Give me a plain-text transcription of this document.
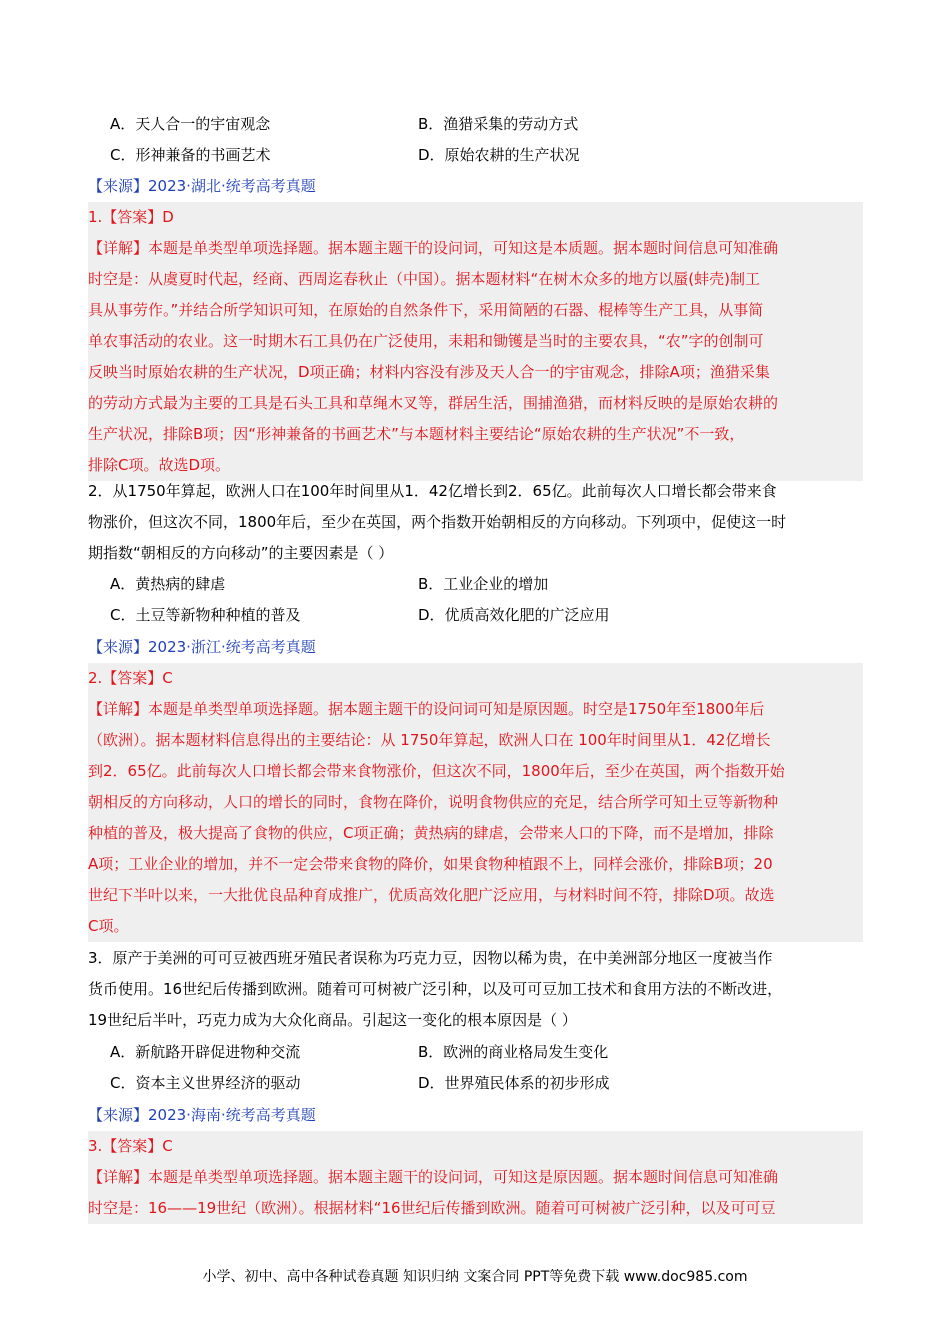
A．天人合一的宇宙观念	B．渔猎采集的劳动方式
C．形神兼备的书画艺术	D．原始农耕的生产状况
【来源】2023·湖北·统考高考真题
1.【答案】D
【详解】本题是单类型单项选择题。据本题主题干的设问词，可知这是本质题。据本题时间信息可知准确
时空是：从虞夏时代起，经商、西周迄春秋止（中国）。据本题材料“在树木众多的地方以蜃(蚌壳)制工
具从事劳作。”并结合所学知识可知，在原始的自然条件下，采用简陋的石器、棍棒等生产工具，从事简
单农事活动的农业。这一时期木石工具仍在广泛使用，耒耜和锄镬是当时的主要农具，“农”字的创制可
反映当时原始农耕的生产状况，D项正确；材料内容没有涉及天人合一的宇宙观念，排除A项；渔猎采集
的劳动方式最为主要的工具是石头工具和草绳木叉等，群居生活，围捕渔猎，而材料反映的是原始农耕的
生产状况，排除B项；因“形神兼备的书画艺术”与本题材料主要结论“原始农耕的生产状况”不一致，
排除C项。故选D项。
2．从1750年算起，欧洲人口在100年时间里从1．42亿增长到2．65亿。此前每次人口增长都会带来食
物涨价，但这次不同，1800年后，至少在英国，两个指数开始朝相反的方向移动。下列项中，促使这一时
期指数“朝相反的方向移动”的主要因素是（ ）
A．黄热病的肆虐	B．工业企业的增加
C．土豆等新物种种植的普及	D．优质高效化肥的广泛应用
【来源】2023·浙江·统考高考真题
2.【答案】C
【详解】本题是单类型单项选择题。据本题主题干的设问词可知是原因题。时空是1750年至1800年后
（欧洲）。据本题材料信息得出的主要结论：从 1750年算起，欧洲人口在 100年时间里从1．42亿增长
到2．65亿。此前每次人口增长都会带来食物涨价，但这次不同，1800年后，至少在英国，两个指数开始
朝相反的方向移动，人口的增长的同时，食物在降价，说明食物供应的充足，结合所学可知土豆等新物种
种植的普及，极大提高了食物的供应，C项正确；黄热病的肆虐，会带来人口的下降，而不是增加，排除
A项；工业企业的增加，并不一定会带来食物的降价，如果食物种植跟不上，同样会涨价，排除B项；20
世纪下半叶以来，一大批优良品种育成推广，优质高效化肥广泛应用，与材料时间不符，排除D项。故选
C项。
3．原产于美洲的可可豆被西班牙殖民者误称为巧克力豆，因物以稀为贵，在中美洲部分地区一度被当作
货币使用。16世纪后传播到欧洲。随着可可树被广泛引种，以及可可豆加工技术和食用方法的不断改进，
19世纪后半叶，巧克力成为大众化商品。引起这一变化的根本原因是（ ）
A．新航路开辟促进物种交流	B．欧洲的商业格局发生变化
C．资本主义世界经济的驱动	D．世界殖民体系的初步形成
【来源】2023·海南·统考高考真题
3.【答案】C
【详解】本题是单类型单项选择题。据本题主题干的设问词，可知这是原因题。据本题时间信息可知准确
时空是：16——19世纪（欧洲）。根据材料“16世纪后传播到欧洲。随着可可树被广泛引种，以及可可豆
小学、初中、高中各种试卷真题 知识归纳 文案合同 PPT等免费下载 www.doc985.com
